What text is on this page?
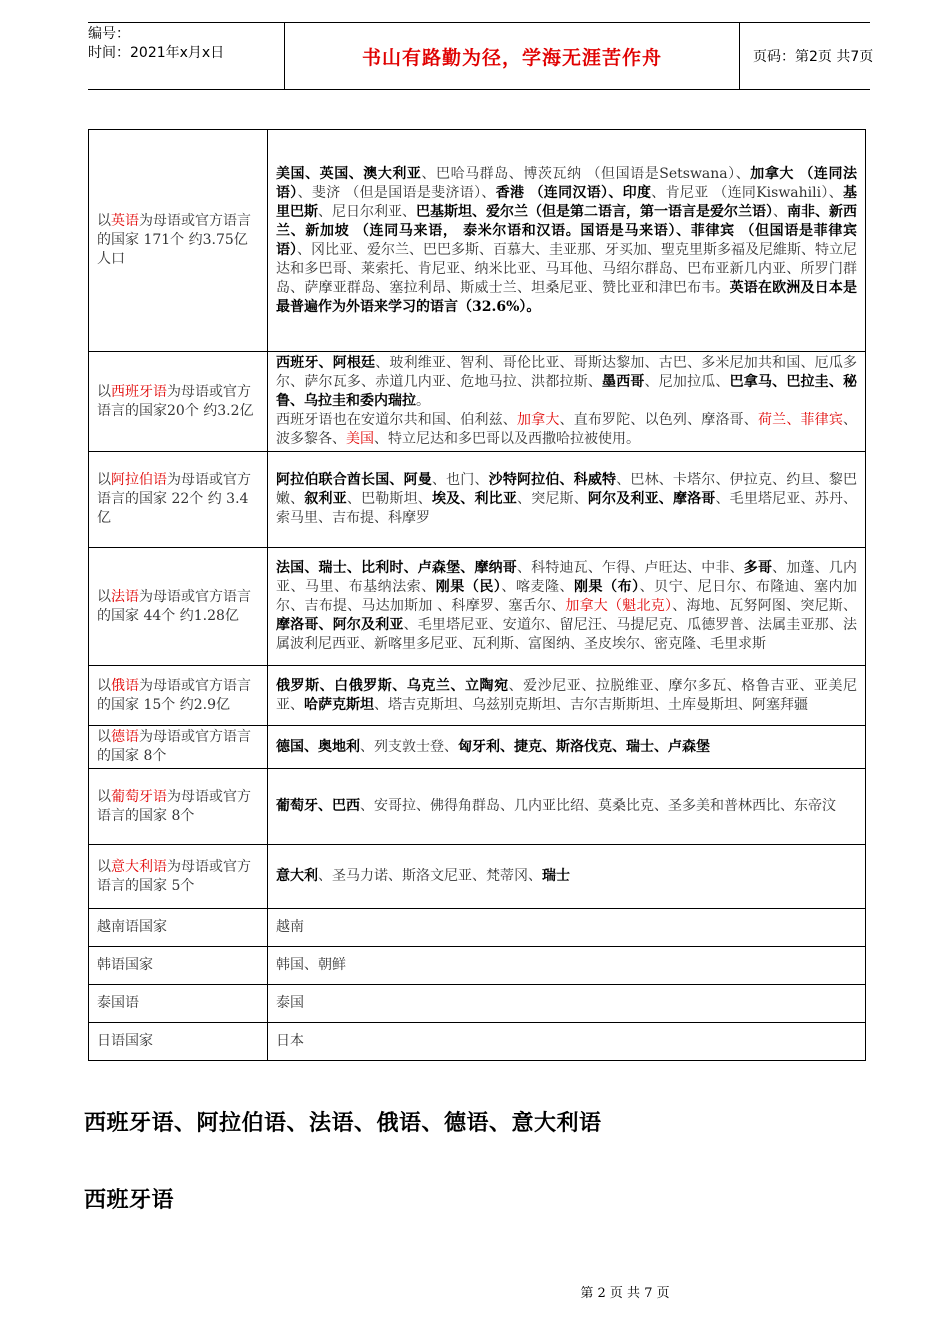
编号：
时间：2021年x月x日	书山有路勤为径，学海无涯苦作舟	页码：第2页 共7页
以英语为母语或官方语言的国家 171个 约3.75亿人口	美国、英国、澳大利亚、巴哈马群岛、博茨瓦纳 （但国语是Setswana）、加拿大 （连同法语）、斐济 （但是国语是斐济语）、香港 （连同汉语）、印度、肯尼亚 （连同Kiswahili）、基里巴斯、尼日尔利亚、巴基斯坦、爱尔兰（但是第二语言，第一语言是爱尔兰语）、南非、新西兰、新加坡 （连同马来语， 泰米尔语和汉语。国语是马来语）、菲律宾 （但国语是菲律宾语）、冈比亚、爱尔兰、巴巴多斯、百慕大、圭亚那、牙买加、聖克里斯多福及尼維斯、特立尼达和多巴哥、莱索托、肯尼亚、纳米比亚、马耳他、马绍尔群岛、巴布亚新几内亚、所罗门群岛、萨摩亚群岛、塞拉利昂、斯威士兰、坦桑尼亚、赞比亚和津巴布韦。英语在欧洲及日本是最普遍作为外语来学习的语言（32.6%）。
以西班牙语为母语或官方语言的国家20个 约3.2亿	西班牙、阿根廷、玻利维亚、智利、哥伦比亚、哥斯达黎加、古巴、多米尼加共和国、厄瓜多尔、萨尔瓦多、赤道几内亚、危地马拉、洪都拉斯、墨西哥、尼加拉瓜、巴拿马、巴拉圭、秘鲁、乌拉圭和委内瑞拉。
西班牙语也在安道尔共和国、伯利兹、加拿大、直布罗陀、以色列、摩洛哥、荷兰、菲律宾、波多黎各、美国、特立尼达和多巴哥以及西撒哈拉被使用。
以阿拉伯语为母语或官方语言的国家 22个 约 3.4亿	阿拉伯联合酋长国、阿曼、也门、沙特阿拉伯、科威特、巴林、卡塔尔、伊拉克、约旦、黎巴嫩、叙利亚、巴勒斯坦、埃及、利比亚、突尼斯、阿尔及利亚、摩洛哥、毛里塔尼亚、苏丹、索马里、吉布提、科摩罗
以法语为母语或官方语言的国家 44个 约1.28亿	法国、瑞士、比利时、卢森堡、摩纳哥、科特迪瓦、乍得、卢旺达、中非、多哥、加蓬、几内亚、马里、布基纳法索、刚果（民）、喀麦隆、刚果（布）、贝宁、尼日尔、布隆迪、塞内加尔、吉布提、马达加斯加 、科摩罗、塞舌尔、加拿大（魁北克）、海地、瓦努阿图、突尼斯、摩洛哥、阿尔及利亚、毛里塔尼亚、安道尔、留尼汪、马提尼克、瓜德罗普、法属圭亚那、法属波利尼西亚、新喀里多尼亚、瓦利斯、富图纳、圣皮埃尔、密克隆、毛里求斯
以俄语为母语或官方语言的国家 15个 约2.9亿	俄罗斯、白俄罗斯、乌克兰、立陶宛、爱沙尼亚、拉脱维亚、摩尔多瓦、格鲁吉亚、亚美尼亚、哈萨克斯坦、塔吉克斯坦、乌兹别克斯坦、吉尔吉斯斯坦、土库曼斯坦、阿塞拜疆
以德语为母语或官方语言的国家 8个	德国、奥地利、列支敦士登、匈牙利、捷克、斯洛伐克、瑞士、卢森堡
以葡萄牙语为母语或官方语言的国家 8个	葡萄牙、巴西、安哥拉、佛得角群岛、几内亚比绍、莫桑比克、圣多美和普林西比、东帝汶
以意大利语为母语或官方语言的国家 5个	意大利、圣马力诺、斯洛文尼亚、梵蒂冈、瑞士
越南语国家	越南
韩语国家	韩国、朝鲜
泰国语	泰国
日语国家	日本
西班牙语、阿拉伯语、法语、俄语、德语、意大利语
西班牙语
第 2 页 共 7 页
